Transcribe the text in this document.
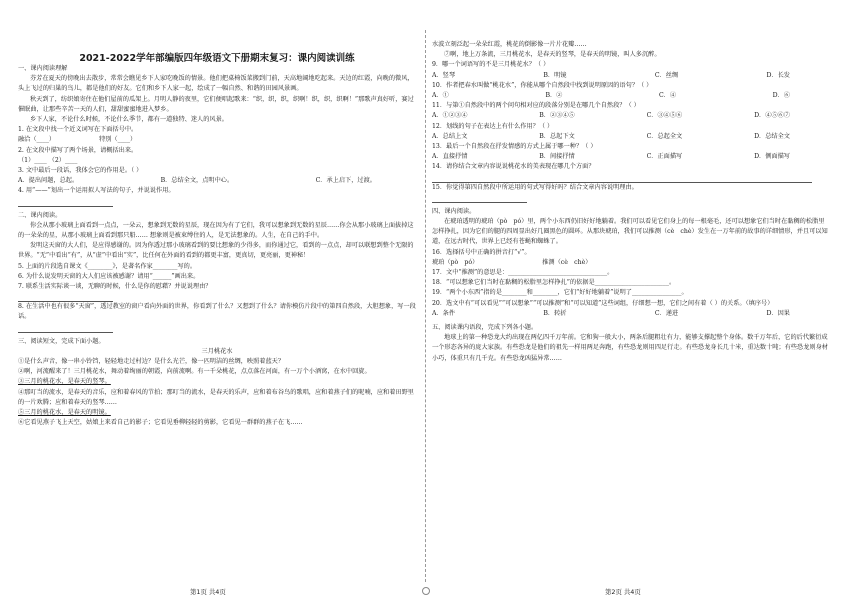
2021-2022学年部编版四年级语文下册期末复习：课内阅读训练

一、课内阅读理解

芬芳在夏天的傍晚出去散步，常常会瞧见乡下人家吃晚饭的情景。他们把桌椅饭菜搬到门前，天高地阔地吃起来。天边的红霞，向晚的微风，头上飞过的归巢的鸟儿，都是他们的好友。它们和乡下人家一起，绘成了一幅自然、和谐的田园风景画。

秋天到了，纺织娘寄住在他们屋前的瓜架上。月明人静的夜里，它们便唱起歌来：“织，织，织，织啊！织，织，织啊！”那歌声真好听，赛过催眠曲，让那些辛苦一天的人们，甜甜蜜蜜地进入梦乡。

乡下人家，不论什么时候，不论什么季节，都有一道独特、迷人的风景。

1. 在文段中找一个近义词写在下面括号中。

融洽（____）	特别（____）

2. 在文段中描写了两个场景，请概括出来。

（1）____ （2）____

3. 文中最后一段话，我体会它的作用是。（ ）

A．提出问题，总起。	B．总结全文，点明中心。	C．承上启下，过渡。

4. 用“——”划出一个运用拟人写法的句子，并说说作用。

二、课内阅读。

你会从那小玻璃上面看到一点点，一朵云，想象到无数的星辰，现在因为有了它们，我可以想象到无数的星辰……你会从那小玻璃上面拔掉这的一朵朵的星，从那小玻璃上面看到那只船…… 想象则是被束缚住的人，是无法想象的。人生，在自己的手中。

发明这天窗的大人们，是应得感谢的。因为你透过那小玻璃看到的要比想象的少得多，而你通过它，看到的一点点，却可以联想到整个无限的世界。“无”中看出“有”，从“虚”中看出“实”，比任何在外面的看到的都更丰富，更真切，更亮丽，更神秘！

5. 上面的片段选自课文《________》，是著名作家________写的。

6. 为什么说发明天窗的大人们应该被感谢？请用“______”画出来。

7. 联系生活实际谈一谈，无聊的时候，什么是你的慰藉？并说说理由？

8. 在生活中也有很多“天窗”，透过教室的窗户看向外面的世界，你看到了什么？又想到了什么？请你模仿片段中的第四自然段，大胆想象，写一段话。

三、阅读短文，完成下面小题。

三月桃花水

①是什么声音，像一串小铃铛，轻轻地走过村边？是什么光芒，像一匹明洁的丝绸，映照着蓝天？

②啊，河流醒来了！三月桃花水，舞动着绚丽的朝霞，向前流啊。有一千朵桃花，点点落在河面，有一万个小酒窝，在水中回旋。

③三月的桃花水，是春天的竖琴。

④那叮当的流水，是春天的音乐，应和着春风的节拍；那叮当的流水，是春天的乐声，应和着布谷鸟的歌唱，应和着燕子们的呢喃，应和着田野里的一片欢腾；应和着春天的竖琴……

⑤三月的桃花水，是春天的明镜。

⑥它看见燕子飞上天空，姑娘上来看自己的影子；它看见垂柳轻轻的剪影，它看见一群群的燕子在飞……

水波立刻泛起一朵朵红霞，桃花的倒影像一片片花瓣……

⑦啊，地上万条流，三月桃花水，是春天的竖琴，是春天的明镜，叫人多沉醉。

9．哪一个词语写的不是三月桃花水？（ ）

A．竖琴	B．明镜	C．丝绸	D．长发

10．作者把春水叫做“桃花水”，你能从哪个自然段中找到说明原因的语句？（ ）

A．①	B．②	C．④	D．⑥

11．与第①自然段中的两个问句相对应的段落分别是在哪几个自然段？（ ）

A．①②③④	B．②③④⑤	C．③④⑤⑥	D．④⑤⑥⑦

12．划线的句子在表达上有什么作用？（ ）

A．总结上文	B．总起下文	C．总起全文	D．总结全文

13．最后一个自然段在抒发情感的方式上属于哪一种？（ ）

A．直接抒情	B．间接抒情	C．正面描写	D．侧面描写

14．请你结合文章内容说说桃花水的美表现在哪几个方面？

15．你觉得第四自然段中所运用的句式写得好吗？结合文章内容说明理由。

四、课内阅读。

在琥珀透明的琥珀（pò　pó）里，两个小东西仍旧好好地躺着。我们可以看见它们身上的每一根毫毛，还可以想象它们当时在黏稠的松脂里怎样挣扎，因为它们的腿的四周显出好几圈黑色的圆环。从那块琥珀，我们可以推测（cè　chè）发生在一万年前的故事的详细情形，并且可以知道，在远古时代，世界上已经有苍蝇和蜘蛛了。

16．选择括号中正确的拼音打“√”。

琥珀（pò　pó）	推测（cè　chè）

17．文中“推测”的意思是：________________________________。

18．“可以想象它们当时在黏稠的松脂里怎样挣扎”的依据是________________________。

19．“两个小东西”指的是________和________，它们“好好地躺着”说明了________________。

20．选文中有“可以看见”“可以想象”“可以推测”和“可以知道”这些词组，仔细想一想，它们之间有着（ ）的关系。（填序号）

A．条件	B．转折	C．递进	D．因果

五、阅读课内语段，完成下列各小题。

地球上的第一种恐龙大约出现在两亿四千万年前。它和狗一般大小，两条后腿粗壮有力，能够支撑起整个身体。数千万年后，它的后代繁衍成一个形态各异的庞大家族。有些恐龙是他们的祖先一样用两足奔跑，有些恐龙则用四足行走。有些恐龙身长几十米，重达数十吨；有些恐龙则身材小巧，体重只有几千克。有些恐龙凶猛异常……

第1页 共4页	第2页 共4页
